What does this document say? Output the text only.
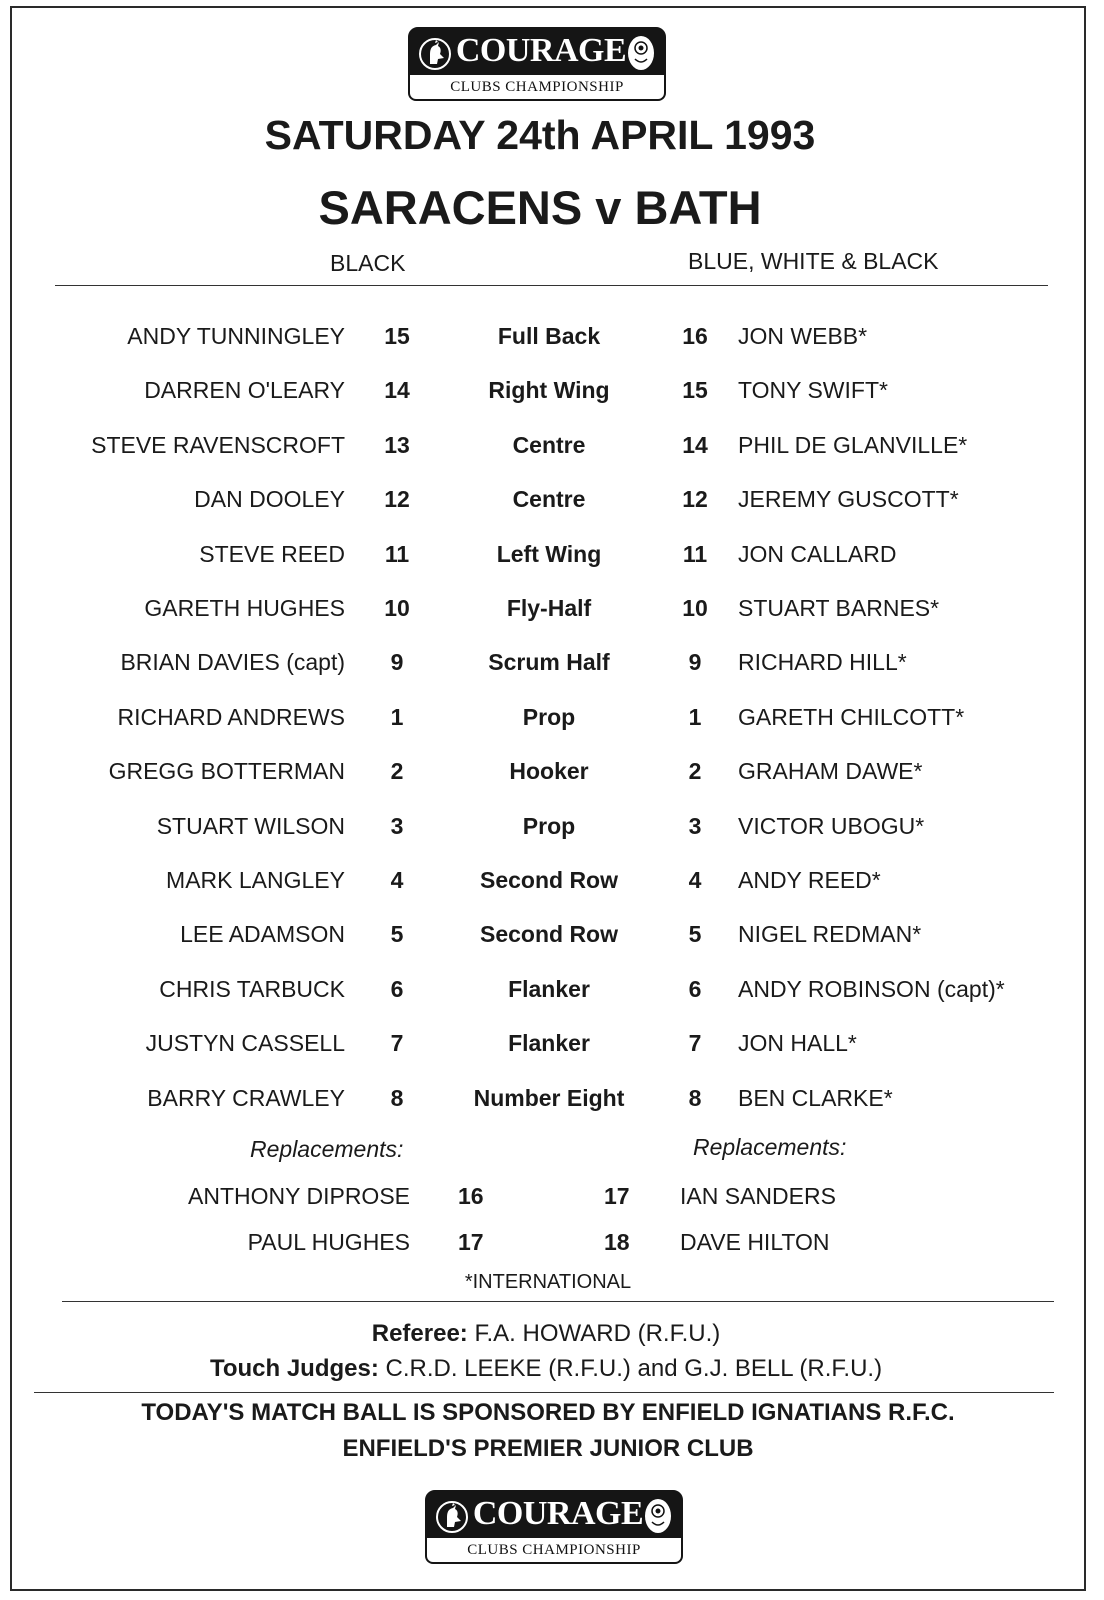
COURAGE
CLUBS CHAMPIONSHIP
SATURDAY 24th APRIL 1993
SARACENS v BATH
BLACK	BLUE, WHITE & BLACK
ANDY TUNNINGLEY 15	Full Back	16 JON WEBB*
DARREN O'LEARY 14	Right Wing	15 TONY SWIFT*
STEVE RAVENSCROFT 13	Centre	14 PHIL DE GLANVILLE*
DAN DOOLEY 12	Centre	12 JEREMY GUSCOTT*
STEVE REED 11	Left Wing	11 JON CALLARD
GARETH HUGHES 10	Fly-Half	10 STUART BARNES*
BRIAN DAVIES (capt)	9	Scrum Half	9	RICHARD HILL*
RICHARD ANDREWS	1	Prop	1	GARETH CHILCOTT*
GREGG BOTTERMAN	2	Hooker	2	GRAHAM DAWE*
STUART WILSON	3	Prop	3	VICTOR UBOGU*
MARK LANGLEY	4	Second Row	4	ANDY REED*
LEE ADAMSON	5	Second Row	5	NIGEL REDMAN*
CHRIS TARBUCK	6	Flanker	6	ANDY ROBINSON (capt)*
JUSTYN CASSELL	7	Flanker	7	JON HALL*
BARRY CRAWLEY	8	Number Eight	8	BEN CLARKE*
Replacements:	Replacements:
ANTHONY DIPROSE 16	17 IAN SANDERS
PAUL HUGHES 17	18 DAVE HILTON
*INTERNATIONAL
Referee: F.A. HOWARD (R.F.U.)
Touch Judges: C.R.D. LEEKE (R.F.U.) and G.J. BELL (R.F.U.)
TODAY'S MATCH BALL IS SPONSORED BY ENFIELD IGNATIANS R.F.C.
ENFIELD'S PREMIER JUNIOR CLUB
COURAGE
CLUBS CHAMPIONSHIP
